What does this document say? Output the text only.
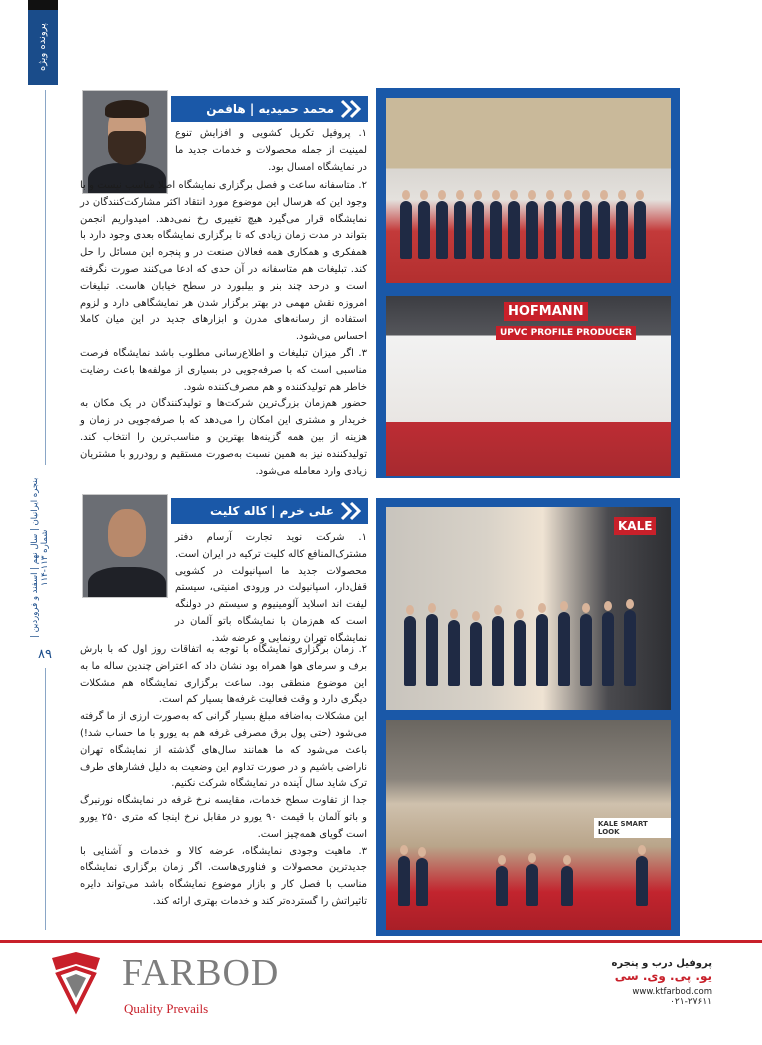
پرونده ویژه
بنجره ایرانیان | سال نهم | اسفند و فروردین | شماره ۱۱۳-۱۱۴
۸۹
HOFMANN
UPVC PROFILE PRODUCER
KALE
KALE SMART LOOK
محمد حمیدیه | هافمن
۱. پروفیل تکریل کشویی و افزایش تنوع لمینیت از جمله محصولات و خدمات جدید ما در نمایشگاه امسال بود.

۲. متاسفانه ساعت و فصل برگزاری نمایشگاه اصلا مناسب نیست و با وجود این که هرسال این موضوع مورد انتقاد اکثر مشارکت‌کنندگان در نمایشگاه قرار می‌گیرد هیچ تغییری رخ نمی‌دهد. امیدواریم انجمن بتواند در مدت زمان زیادی که تا برگزاری نمایشگاه بعدی وجود دارد با همفکری و همکاری همه فعالان صنعت در و پنجره این مسائل را حل کند. تبلیغات هم متاسفانه در آن حدی که ادعا می‌کنند صورت نگرفته است و درحد چند بنر و بیلبورد در سطح خیابان هاست. تبلیغات امروزه نقش مهمی در بهتر برگزار شدن هر نمایشگاهی دارد و لزوم استفاده از رسانه‌های مدرن و ابزارهای جدید در این میان کاملا احساس می‌شود.

۳. اگر میزان تبلیغات و اطلاع‌رسانی مطلوب باشد نمایشگاه فرصت مناسبی است که با صرفه‌جویی در بسیاری از مولفه‌ها باعث رضایت خاطر هم تولیدکننده و هم مصرف‌کننده شود.

حضور هم‌زمان بزرگ‌ترین شرکت‌ها و تولیدکنندگان در یک مکان به خریدار و مشتری این امکان را می‌دهد که با صرفه‌جویی در زمان و هزینه از بین همه گزینه‌ها بهترین و مناسب‌ترین را انتخاب کند. تولیدکننده نیز به همین نسبت به‌صورت مستقیم و رودررو با مشتریان زیادی وارد معامله می‌شود.

علی خرم | کاله کلیت
۱. شرکت نوید تجارت آرسام دفتر مشترک‌المنافع کاله کلیت ترکیه در ایران است. محصولات جدید ما اسپانیولت در کشویی قفل‌دار، اسپانیولت در ورودی امنیتی، سیستم لیفت اند اسلاید آلومینیوم و سیستم در دولنگه است که هم‌زمان با نمایشگاه باتو آلمان در نمایشگاه تهران رونمایی و عرضه شد.

۲. زمان برگزاری نمایشگاه با توجه به اتفاقات روز اول که با بارش برف و سرمای هوا همراه بود نشان داد که اعتراض چندین ساله ما به این موضوع منطقی بود. ساعت برگزاری نمایشگاه هم مشکلات دیگری دارد و وقت فعالیت غرفه‌ها بسیار کم است.

این مشکلات به‌اضافه مبلغ بسیار گرانی که به‌صورت ارزی از ما گرفته می‌شود (حتی پول برق مصرفی غرفه هم به یورو با ما حساب شد!) باعث می‌شود که ما همانند سال‌های گذشته از نمایشگاه تهران ناراضی باشیم و در صورت تداوم این وضعیت به دلیل فشارهای طرف ترک شاید سال آینده در نمایشگاه شرکت نکنیم.

جدا از تفاوت سطح خدمات، مقایسه نرخ غرفه در نمایشگاه نورنبرگ و باتو آلمان با قیمت ۹۰ یورو در مقابل نرخ اینجا که متری ۲۵۰ یورو است گویای همه‌چیز است.

۳. ماهیت وجودی نمایشگاه، عرضه کالا و خدمات و آشنایی با جدیدترین محصولات و فناوری‌هاست. اگر زمان برگزاری نمایشگاه مناسب با فصل کار و بازار موضوع نمایشگاه باشد می‌تواند دایره تاثیراتش را گسترده‌تر کند و خدمات بهتری ارائه کند.

FARBOD
Quality Prevails
پروفیل درب و پنجره
یو. پی. وی. سی
www.ktfarbod.com
۰۲۱-۲۷۶۱۱
